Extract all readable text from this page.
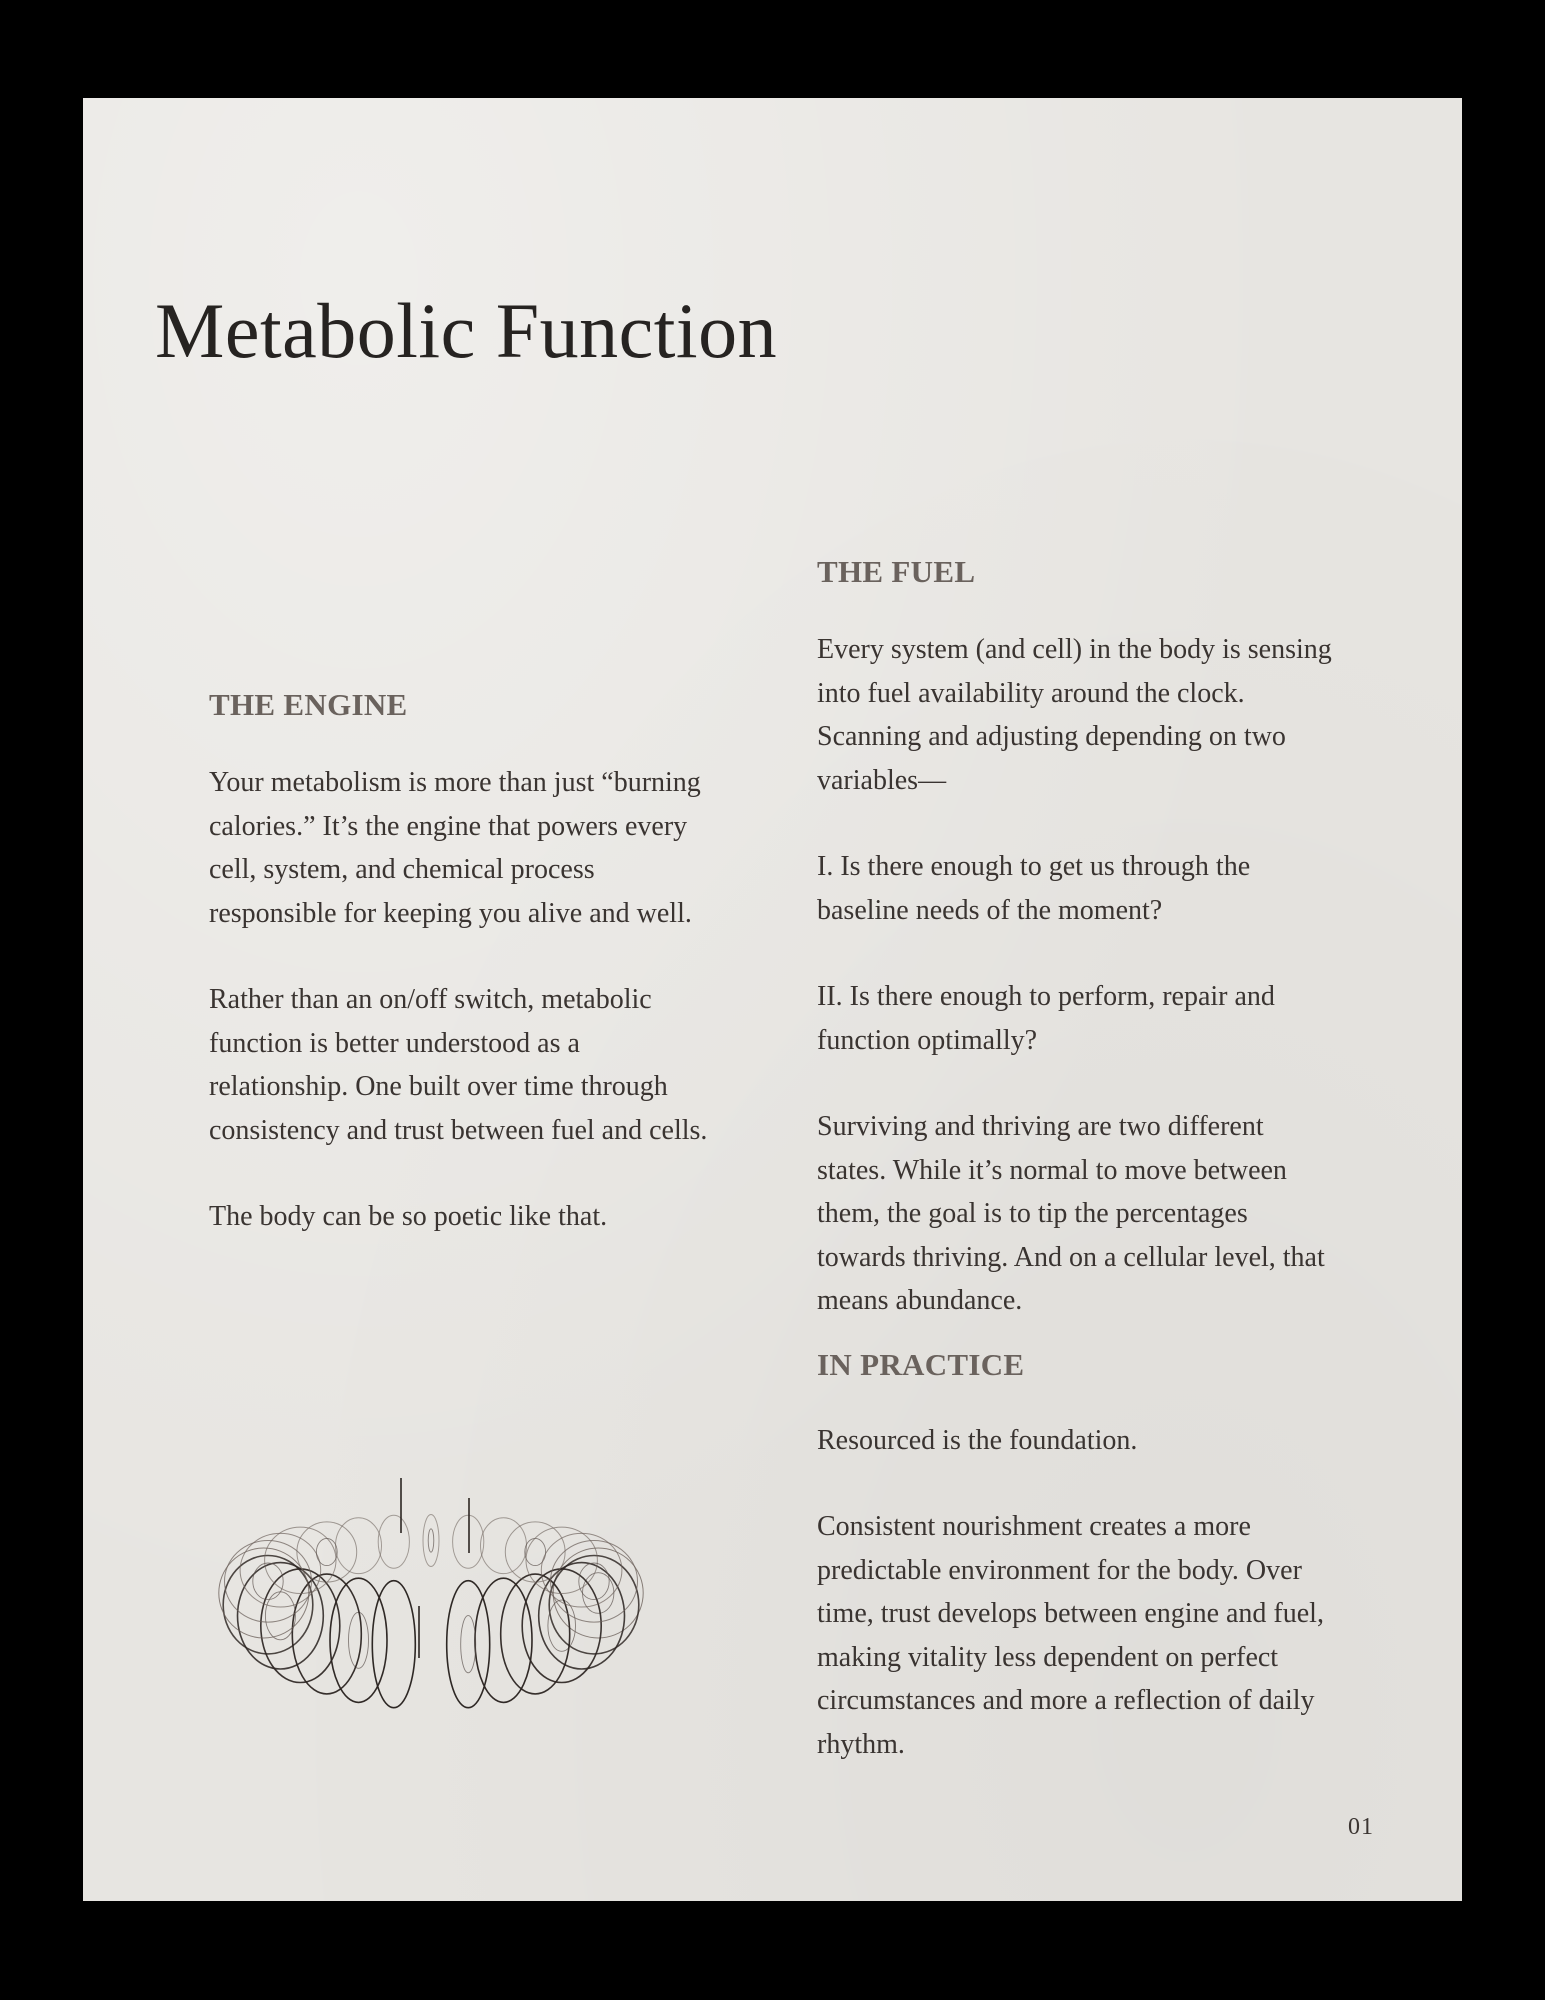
Metabolic Function
THE ENGINE

Your metabolism is more than just “burning calories.” It’s the engine that powers every cell, system, and chemical process responsible for keeping you alive and well.

Rather than an on/off switch, metabolic function is better understood as a relationship. One built over time through consistency and trust between fuel and cells.

The body can be so poetic like that.

THE FUEL

Every system (and cell) in the body is sensing into fuel availability around the clock. Scanning and adjusting depending on two variables—

I. Is there enough to get us through the baseline needs of the moment?

II. Is there enough to perform, repair and function optimally?

Surviving and thriving are two different states. While it’s normal to move between them, the goal is to tip the percentages towards thriving. And on a cellular level, that means abundance.

IN PRACTICE

Resourced is the foundation.

Consistent nourishment creates a more predictable environment for the body. Over time, trust develops between engine and fuel, making vitality less dependent on perfect circumstances and more a reflection of daily rhythm.

01
